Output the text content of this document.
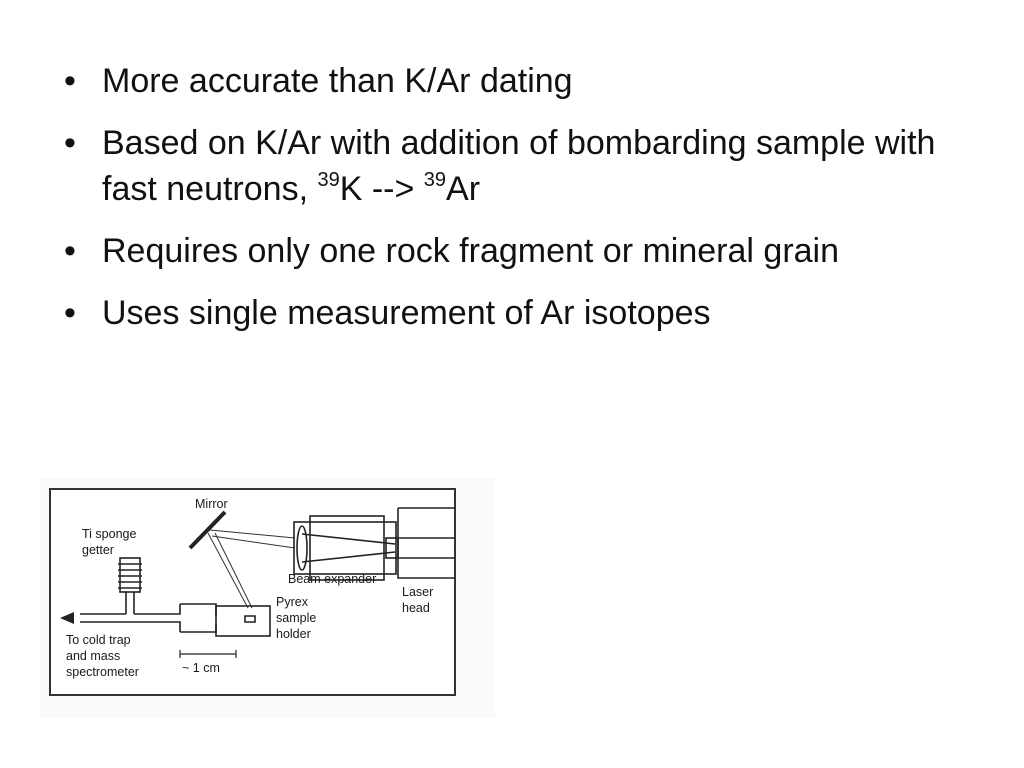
• More accurate than K/Ar dating
• Based on K/Ar with addition of bombarding sample with fast neutrons, $^{39}$K --> $^{39}$Ar
• Requires only one rock fragment or mineral grain
• Uses single measurement of Ar isotopes
Mirror
Ti sponge
getter
Beam expander
Laser
head
Pyrex
sample
holder
To cold trap
and mass
spectrometer	~ 1 cm
